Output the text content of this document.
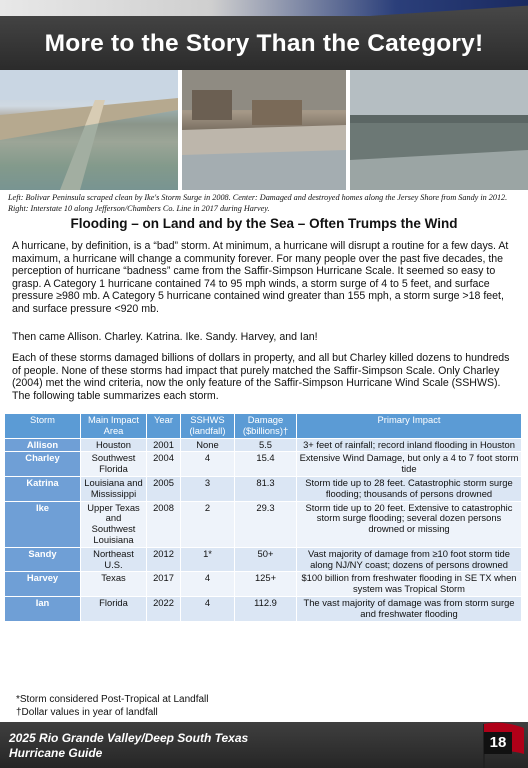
More to the Story Than the Category!
Left: Bolivar Peninsula scraped clean by Ike's Storm Surge in 2008. Center: Damaged and destroyed homes along the Jersey Shore from Sandy in 2012. Right: Interstate 10 along Jefferson/Chambers Co. Line in 2017 during Harvey.
Flooding – on Land and by the Sea – Often Trumps the Wind
A hurricane, by definition, is a “bad” storm. At minimum, a hurricane will disrupt a routine for a few days. At maximum, a hurricane will change a community forever. For many people over the past five decades, the perception of hurricane “badness” came from the Saffir-Simpson Hurricane Scale. It seemed so easy to grasp. A Category 1 hurricane contained 74 to 95 mph winds, a storm surge of 4 to 5 feet, and surface pressure ≥980 mb. A Category 5 hurricane contained wind greater than 155 mph, a storm surge >18 feet, and surface pressure <920 mb.
Then came Allison. Charley. Katrina. Ike. Sandy. Harvey, and Ian!
Each of these storms damaged billions of dollars in property, and all but Charley killed dozens to hundreds of people. None of these storms had impact that purely matched the Saffir-Simpson Scale. Only Charley (2004) met the wind criteria, now the only feature of the Saffir-Simpson Hurricane Wind Scale (SSHWS). The following table summarizes each storm.
Storm	Main Impact Area	Year	SSHWS (landfall)	Damage ($billions)†	Primary Impact
Allison	Houston	2001	None	5.5	3+ feet of rainfall; record inland flooding in Houston
Charley	Southwest Florida	2004	4	15.4	Extensive Wind Damage, but only a 4 to 7 foot storm tide
Katrina	Louisiana and Mississippi	2005	3	81.3	Storm tide up to 28 feet. Catastrophic storm surge flooding; thousands of persons drowned
Ike	Upper Texas and Southwest Louisiana	2008	2	29.3	Storm tide up to 20 feet. Extensive to catastrophic storm surge flooding; several dozen persons drowned or missing
Sandy	Northeast U.S.	2012	1*	50+	Vast majority of damage from ≥10 foot storm tide along NJ/NY coast; dozens of persons drowned
Harvey	Texas	2017	4	125+	$100 billion from freshwater flooding in SE TX when system was Tropical Storm
Ian	Florida	2022	4	112.9	The vast majority of damage was from storm surge and freshwater flooding
*Storm considered Post-Tropical at Landfall
†Dollar values in year of landfall
2025 Rio Grande Valley/Deep South Texas
Hurricane Guide
18
